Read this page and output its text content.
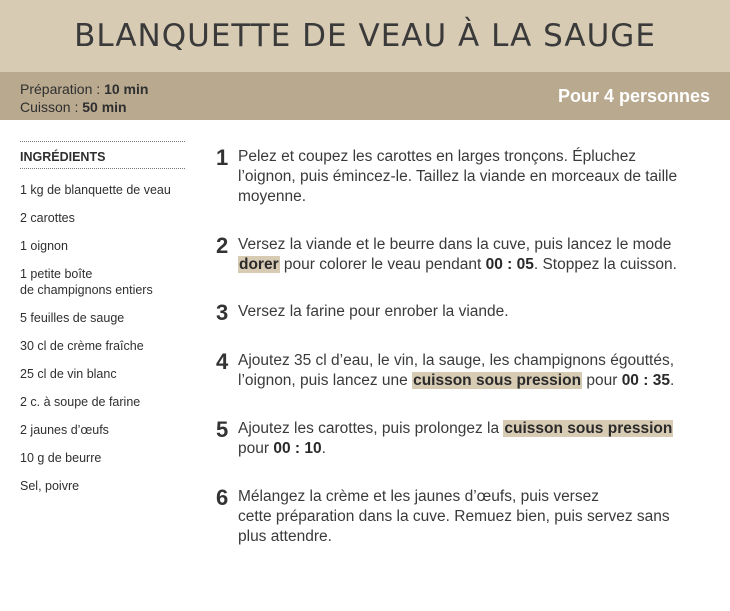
BLANQUETTE DE VEAU À LA SAUGE
Préparation : 10 min
Cuisson : 50 min
Pour 4 personnes
INGRÉDIENTS
1 kg de blanquette de veau
2 carottes
1 oignon
1 petite boîte
de champignons entiers
5 feuilles de sauge
30 cl de crème fraîche
25 cl de vin blanc
2 c. à soupe de farine
2 jaunes d’œufs
10 g de beurre
Sel, poivre
1 Pelez et coupez les carottes en larges tronçons. Épluchez
l’oignon, puis émincez-le. Taillez la viande en morceaux de taille
moyenne.
2 Versez la viande et le beurre dans la cuve, puis lancez le mode
dorer pour colorer le veau pendant 00 : 05. Stoppez la cuisson.
3 Versez la farine pour enrober la viande.
4 Ajoutez 35 cl d’eau, le vin, la sauge, les champignons égouttés,
l’oignon, puis lancez une cuisson sous pression pour 00 : 35.
5 Ajoutez les carottes, puis prolongez la cuisson sous pression
pour 00 : 10.
6 Mélangez la crème et les jaunes d’œufs, puis versez
cette préparation dans la cuve. Remuez bien, puis servez sans
plus attendre.
